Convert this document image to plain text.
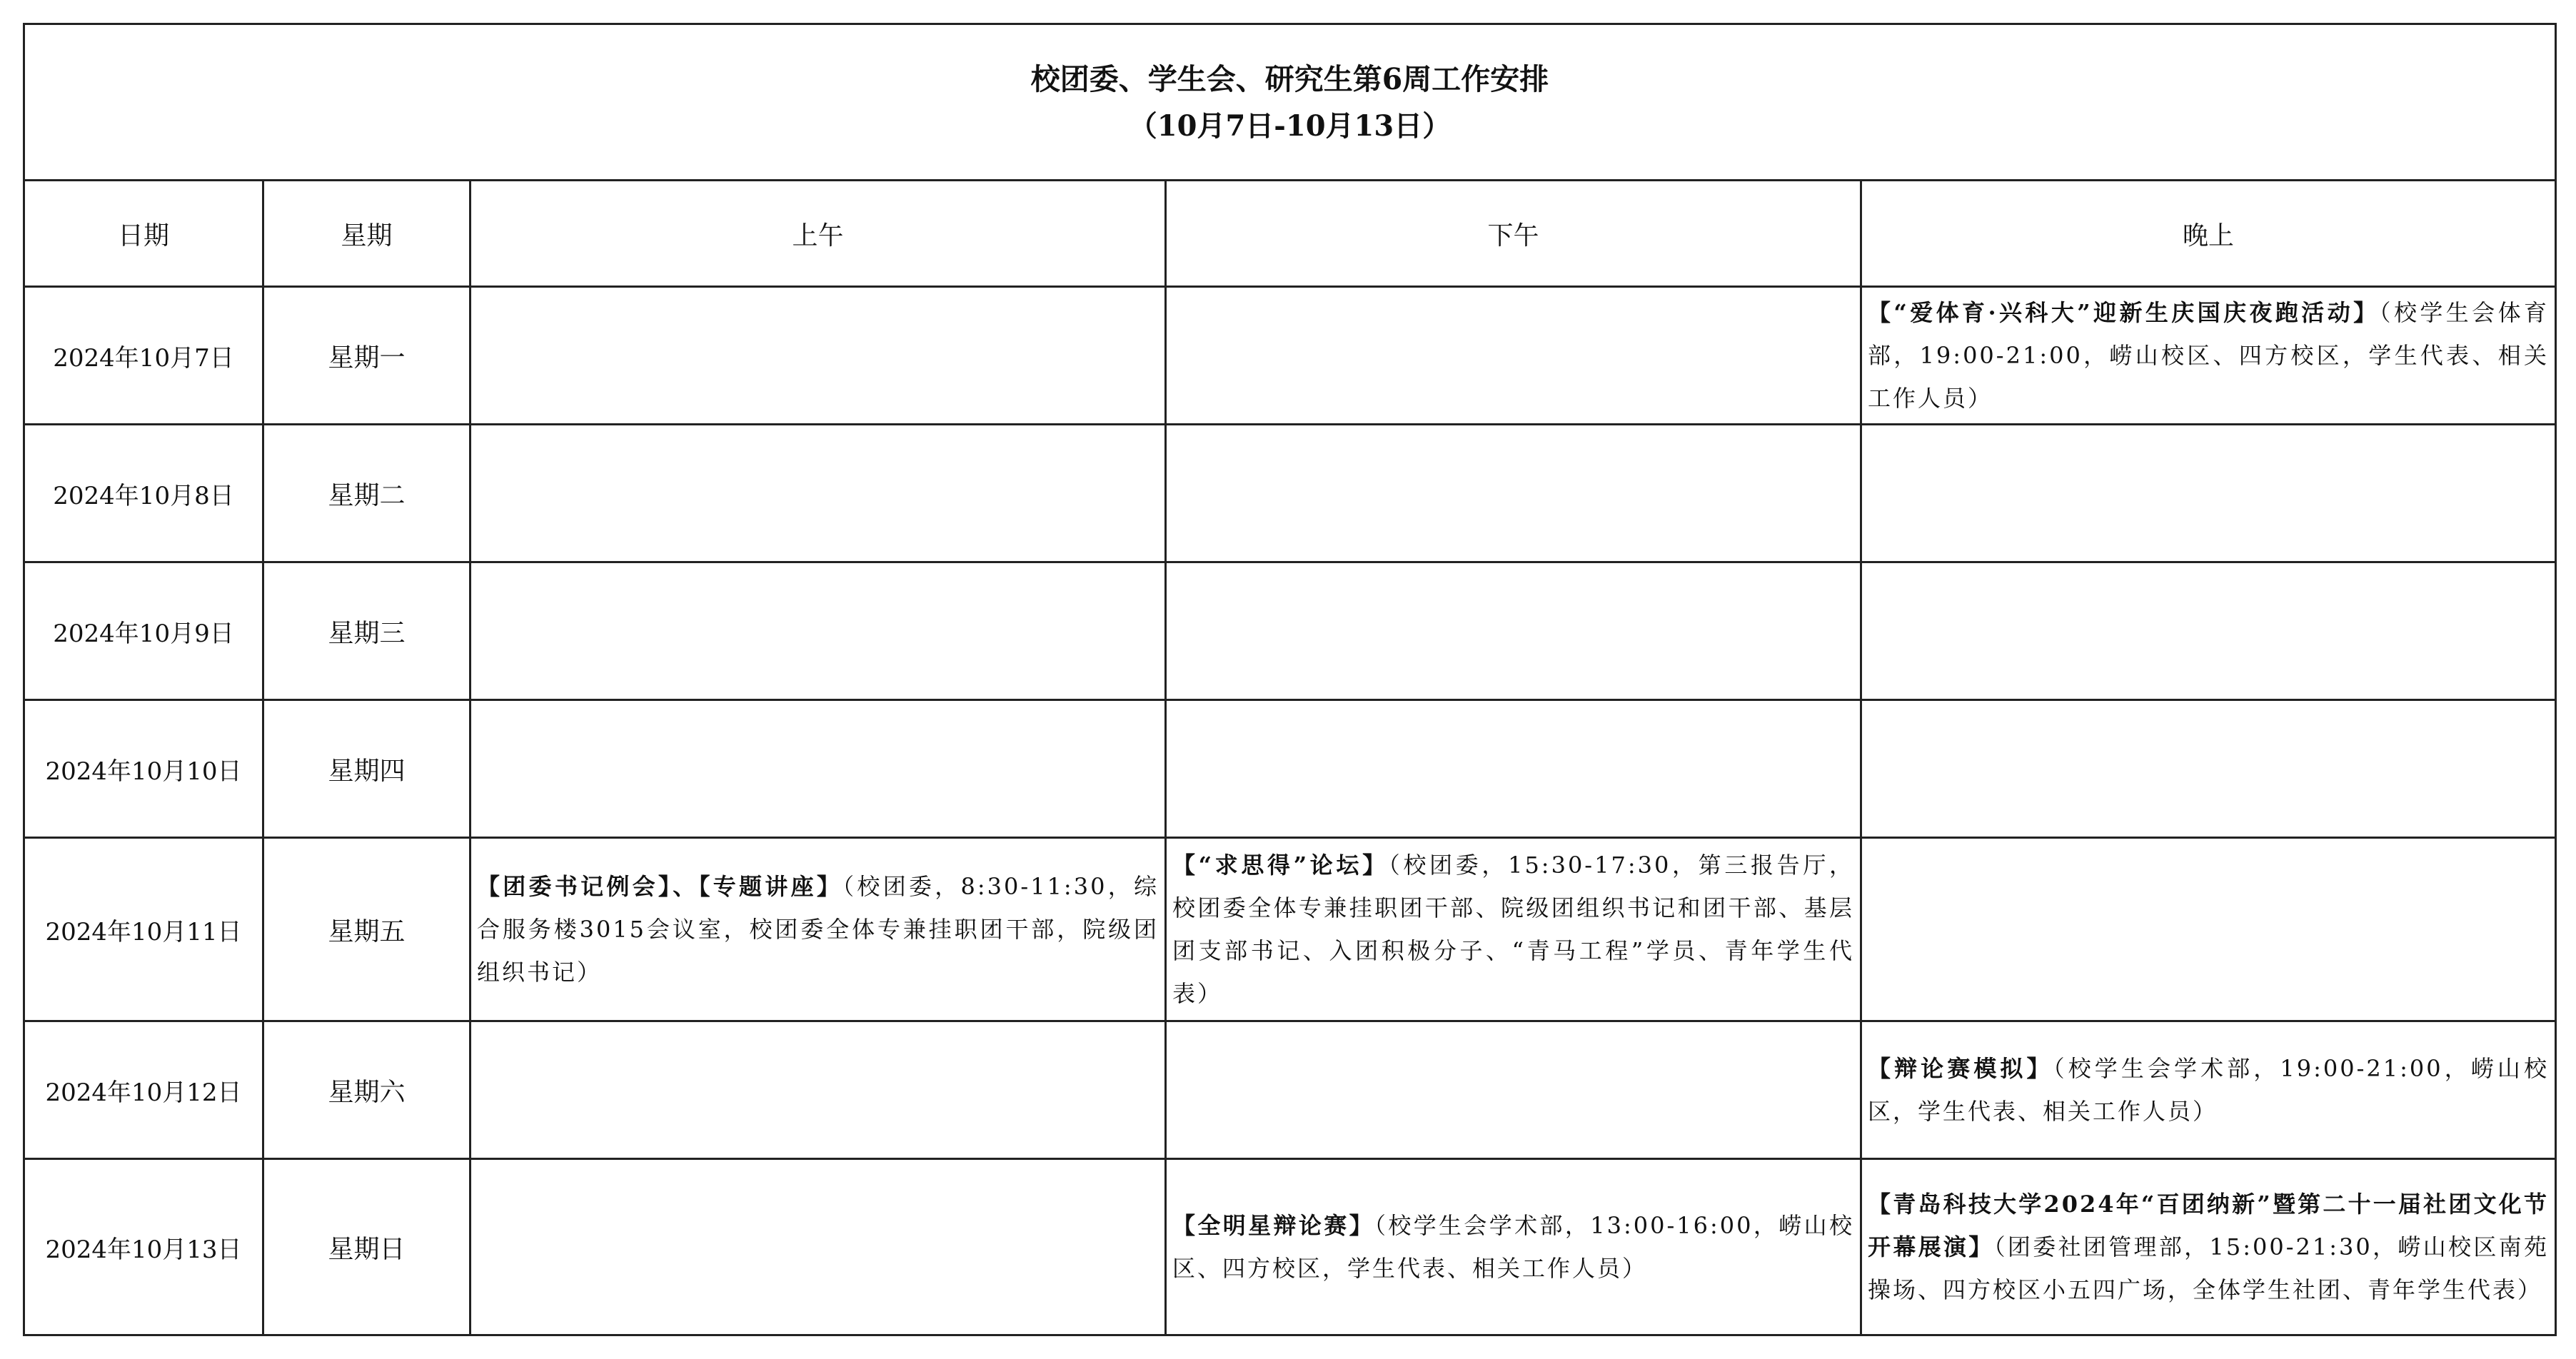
校团委、学生会、研究生第6周工作安排
（10月7日-10月13日）				

日期	星期	上午	下午	晚上
2024年10月7日	星期一			【“爱体育·兴科大”迎新生庆国庆夜跑活动】（校学生会体育部，19:00-21:00，崂山校区、四方校区，学生代表、相关工作人员）
2024年10月8日	星期二			
2024年10月9日	星期三			
2024年10月10日	星期四			
2024年10月11日	星期五	【团委书记例会】、【专题讲座】（校团委，8:30-11:30，综合服务楼3015会议室，校团委全体专兼挂职团干部，院级团组织书记）	【“求思得”论坛】（校团委，15:30-17:30，第三报告厅，校团委全体专兼挂职团干部、院级团组织书记和团干部、基层团支部书记、入团积极分子、“青马工程”学员、青年学生代表）	
2024年10月12日	星期六			【辩论赛模拟】（校学生会学术部，19:00-21:00，崂山校区，学生代表、相关工作人员）
2024年10月13日	星期日		【全明星辩论赛】（校学生会学术部，13:00-16:00，崂山校区、四方校区，学生代表、相关工作人员）	【青岛科技大学2024年“百团纳新”暨第二十一届社团文化节开幕展演】（团委社团管理部，15:00-21:30，崂山校区南苑操场、四方校区小五四广场，全体学生社团、青年学生代表）
